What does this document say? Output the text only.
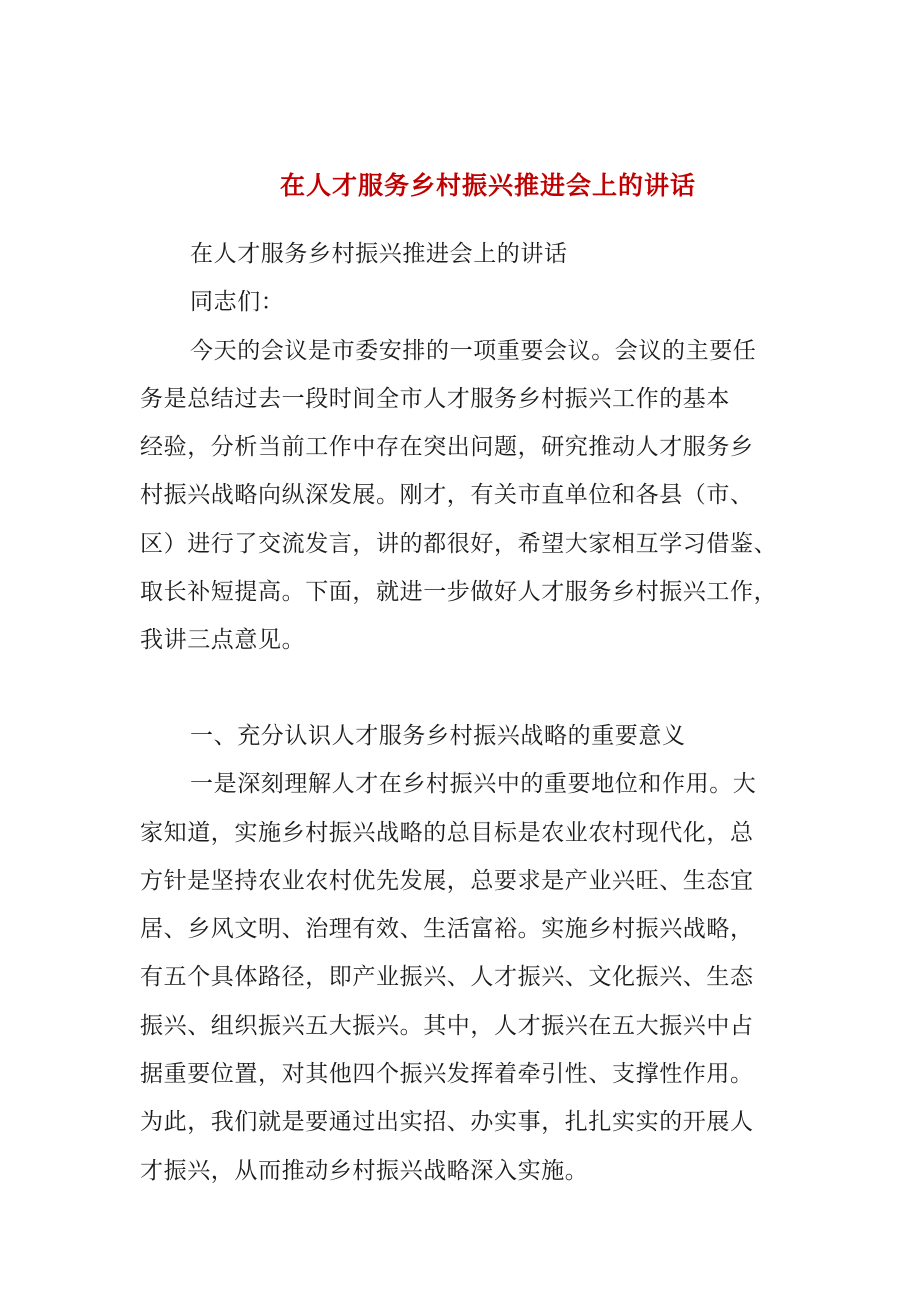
在人才服务乡村振兴推进会上的讲话
在人才服务乡村振兴推进会上的讲话
同志们：
今天的会议是市委安排的一项重要会议。会议的主要任
务是总结过去一段时间全市人才服务乡村振兴工作的基本
经验，分析当前工作中存在突出问题，研究推动人才服务乡
村振兴战略向纵深发展。刚才，有关市直单位和各县（市、
区）进行了交流发言，讲的都很好，希望大家相互学习借鉴、
取长补短提高。下面，就进一步做好人才服务乡村振兴工作，
我讲三点意见。
一、充分认识人才服务乡村振兴战略的重要意义
一是深刻理解人才在乡村振兴中的重要地位和作用。大
家知道，实施乡村振兴战略的总目标是农业农村现代化，总
方针是坚持农业农村优先发展，总要求是产业兴旺、生态宜
居、乡风文明、治理有效、生活富裕。实施乡村振兴战略，
有五个具体路径，即产业振兴、人才振兴、文化振兴、生态
振兴、组织振兴五大振兴。其中，人才振兴在五大振兴中占
据重要位置，对其他四个振兴发挥着牵引性、支撑性作用。
为此，我们就是要通过出实招、办实事，扎扎实实的开展人
才振兴，从而推动乡村振兴战略深入实施。
